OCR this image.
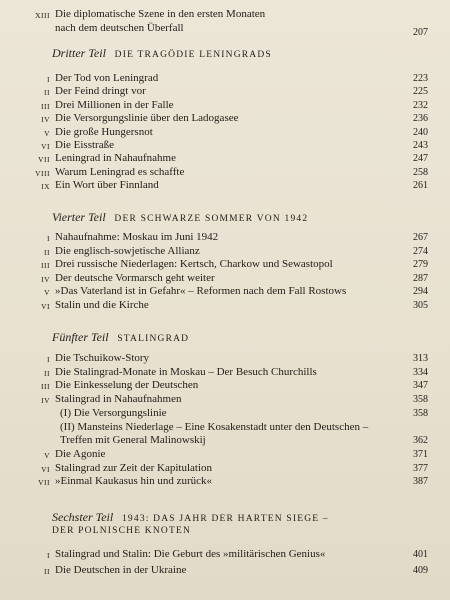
XIII Die diplomatische Szene in den ersten Monaten
nach dem deutschen Überfall	207
Dritter Teil DIE TRAGÖDIE LENINGRADS
I Der Tod von Leningrad	223
II Der Feind dringt vor	225
III Drei Millionen in der Falle	232
IV Die Versorgungslinie über den Ladogasee	236
V Die große Hungersnot	240
VI Die Eisstraße	243
VII Leningrad in Nahaufnahme	247
VIII Warum Leningrad es schaffte	258
IX Ein Wort über Finnland	261
Vierter Teil DER SCHWARZE SOMMER VON 1942
I Nahaufnahme: Moskau im Juni 1942	267
II Die englisch-sowjetische Allianz	274
III Drei russische Niederlagen: Kertsch, Charkow und Sewastopol	279
IV Der deutsche Vormarsch geht weiter	287
V »Das Vaterland ist in Gefahr« – Reformen nach dem Fall Rostows	294
VI Stalin und die Kirche	305
Fünfter Teil STALINGRAD
I Die Tschuikow-Story	313
II Die Stalingrad-Monate in Moskau – Der Besuch Churchills	334
III Die Einkesselung der Deutschen	347
IV Stalingrad in Nahaufnahmen	358
(I) Die Versorgungslinie	358
(II) Mansteins Niederlage – Eine Kosakenstadt unter den Deutschen –
Treffen mit General Malinowskij	362
V Die Agonie	371
VI Stalingrad zur Zeit der Kapitulation	377
VII »Einmal Kaukasus hin und zurück«	387
Sechster Teil 1943: DAS JAHR DER HARTEN SIEGE –
DER POLNISCHE KNOTEN
I Stalingrad und Stalin: Die Geburt des »militärischen Genius«	401
II Die Deutschen in der Ukraine	409
